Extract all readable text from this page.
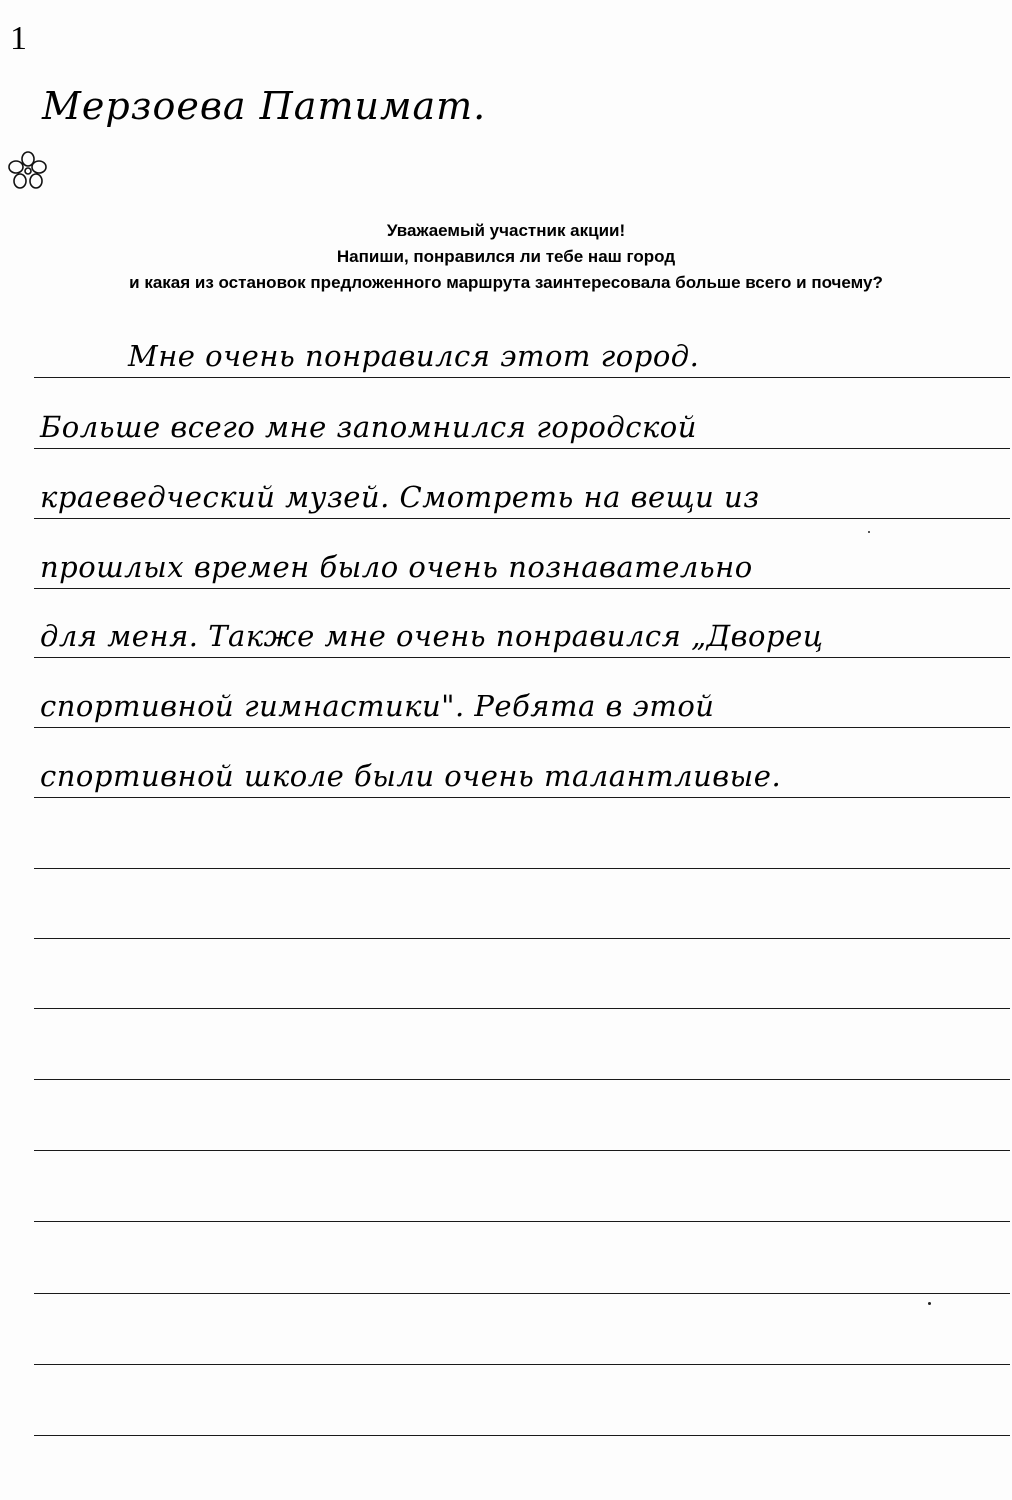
1
Мерзоева Патимат.
Уважаемый участник акции!
Напиши, понравился ли тебе наш город
и какая из остановок предложенного маршрута заинтересовала больше всего и почему?
Мне очень понравился этот город.
Больше всего мне запомнился городской
краеведческий музей. Смотреть на вещи из
прошлых времен было очень познавательно
для меня. Также мне очень понравился „Дворец
спортивной гимнастики". Ребята в этой
спортивной школе были очень талантливые.
